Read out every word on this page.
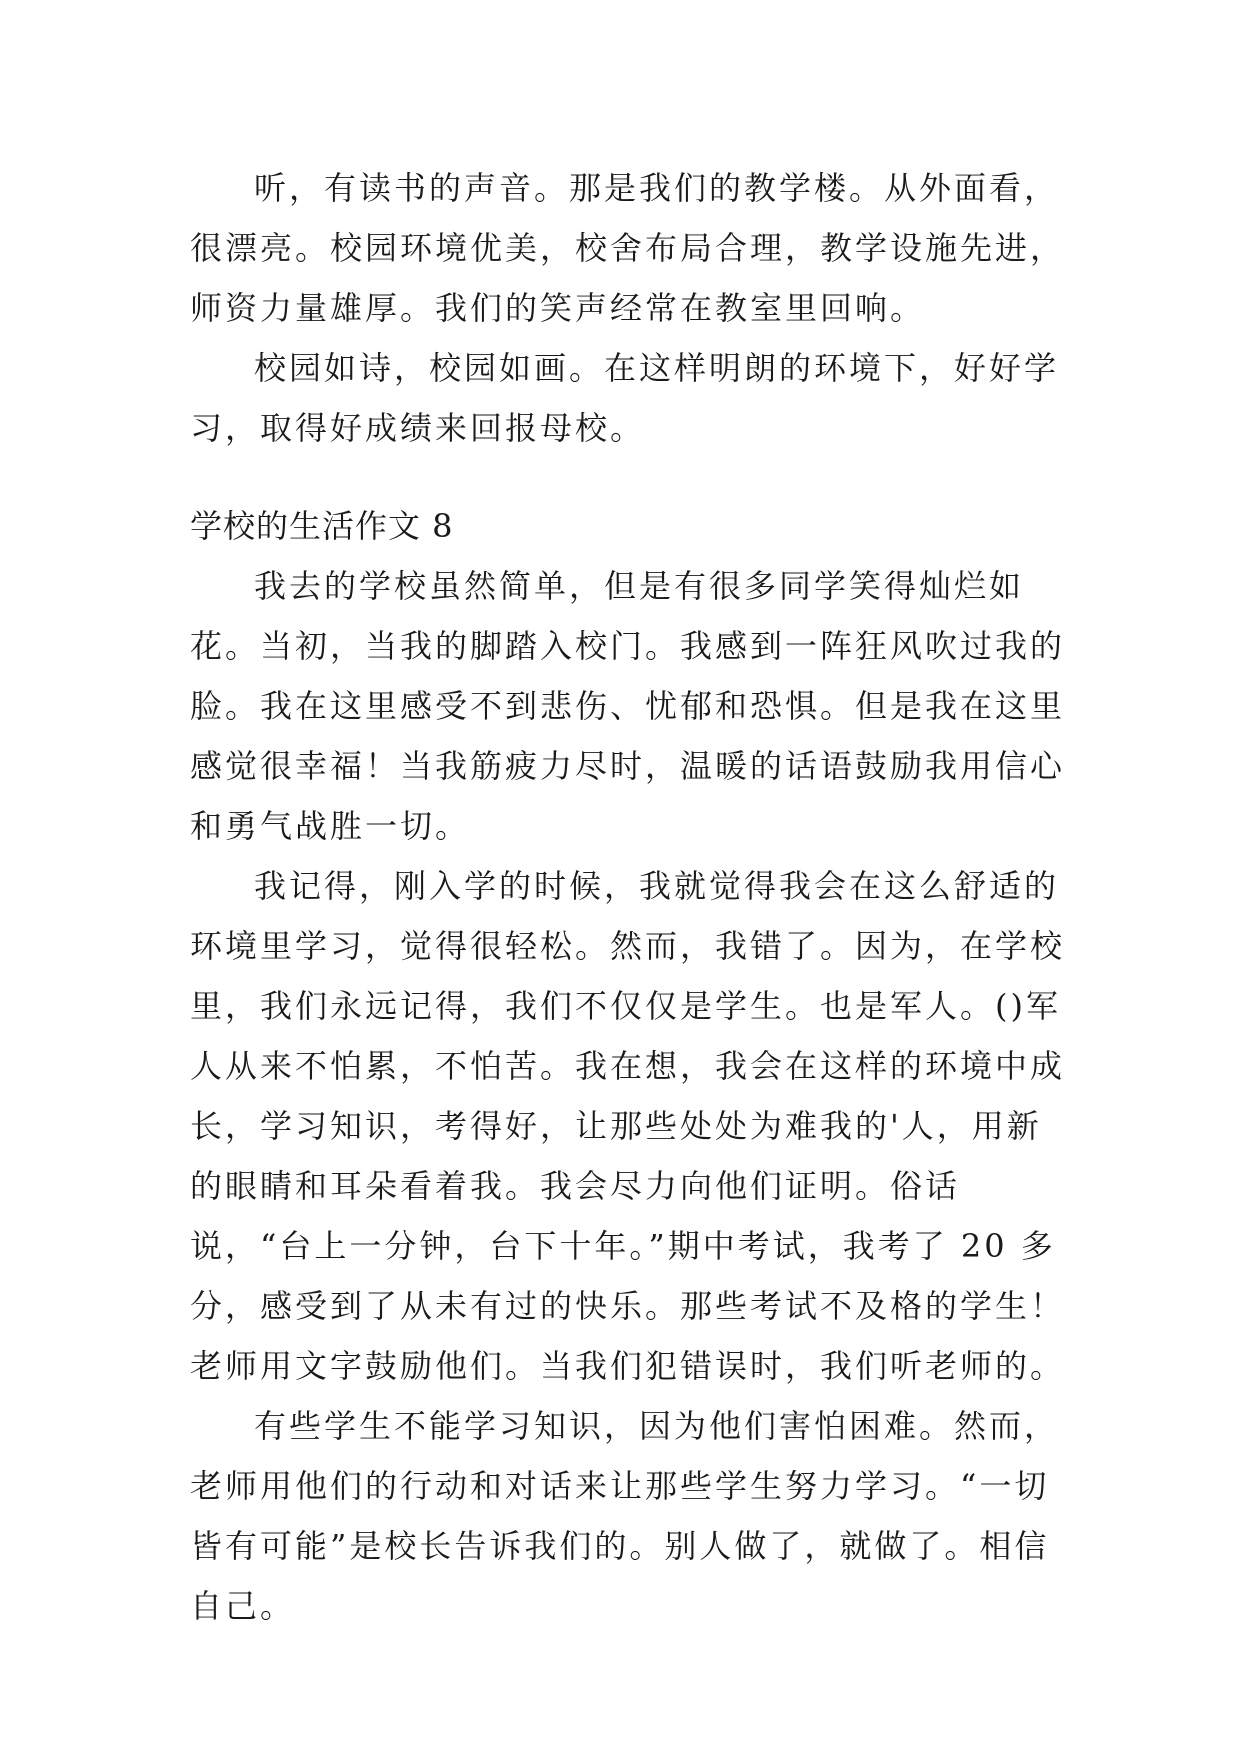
听，有读书的声音。那是我们的教学楼。从外面看，很漂亮。校园环境优美，校舍布局合理，教学设施先进，师资力量雄厚。我们的笑声经常在教室里回响。

校园如诗，校园如画。在这样明朗的环境下，好好学习，取得好成绩来回报母校。

学校的生活作文 8

我去的学校虽然简单，但是有很多同学笑得灿烂如花。当初，当我的脚踏入校门。我感到一阵狂风吹过我的脸。我在这里感受不到悲伤、忧郁和恐惧。但是我在这里感觉很幸福！当我筋疲力尽时，温暖的话语鼓励我用信心和勇气战胜一切。

我记得，刚入学的时候，我就觉得我会在这么舒适的环境里学习，觉得很轻松。然而，我错了。因为，在学校里，我们永远记得，我们不仅仅是学生。也是军人。()军人从来不怕累，不怕苦。我在想，我会在这样的环境中成长，学习知识，考得好，让那些处处为难我的'人，用新的眼睛和耳朵看着我。我会尽力向他们证明。俗话说，“台上一分钟，台下十年。”期中考试，我考了 20 多分，感受到了从未有过的快乐。那些考试不及格的学生！老师用文字鼓励他们。当我们犯错误时，我们听老师的。

有些学生不能学习知识，因为他们害怕困难。然而，老师用他们的行动和对话来让那些学生努力学习。“一切皆有可能”是校长告诉我们的。别人做了，就做了。相信自己。
